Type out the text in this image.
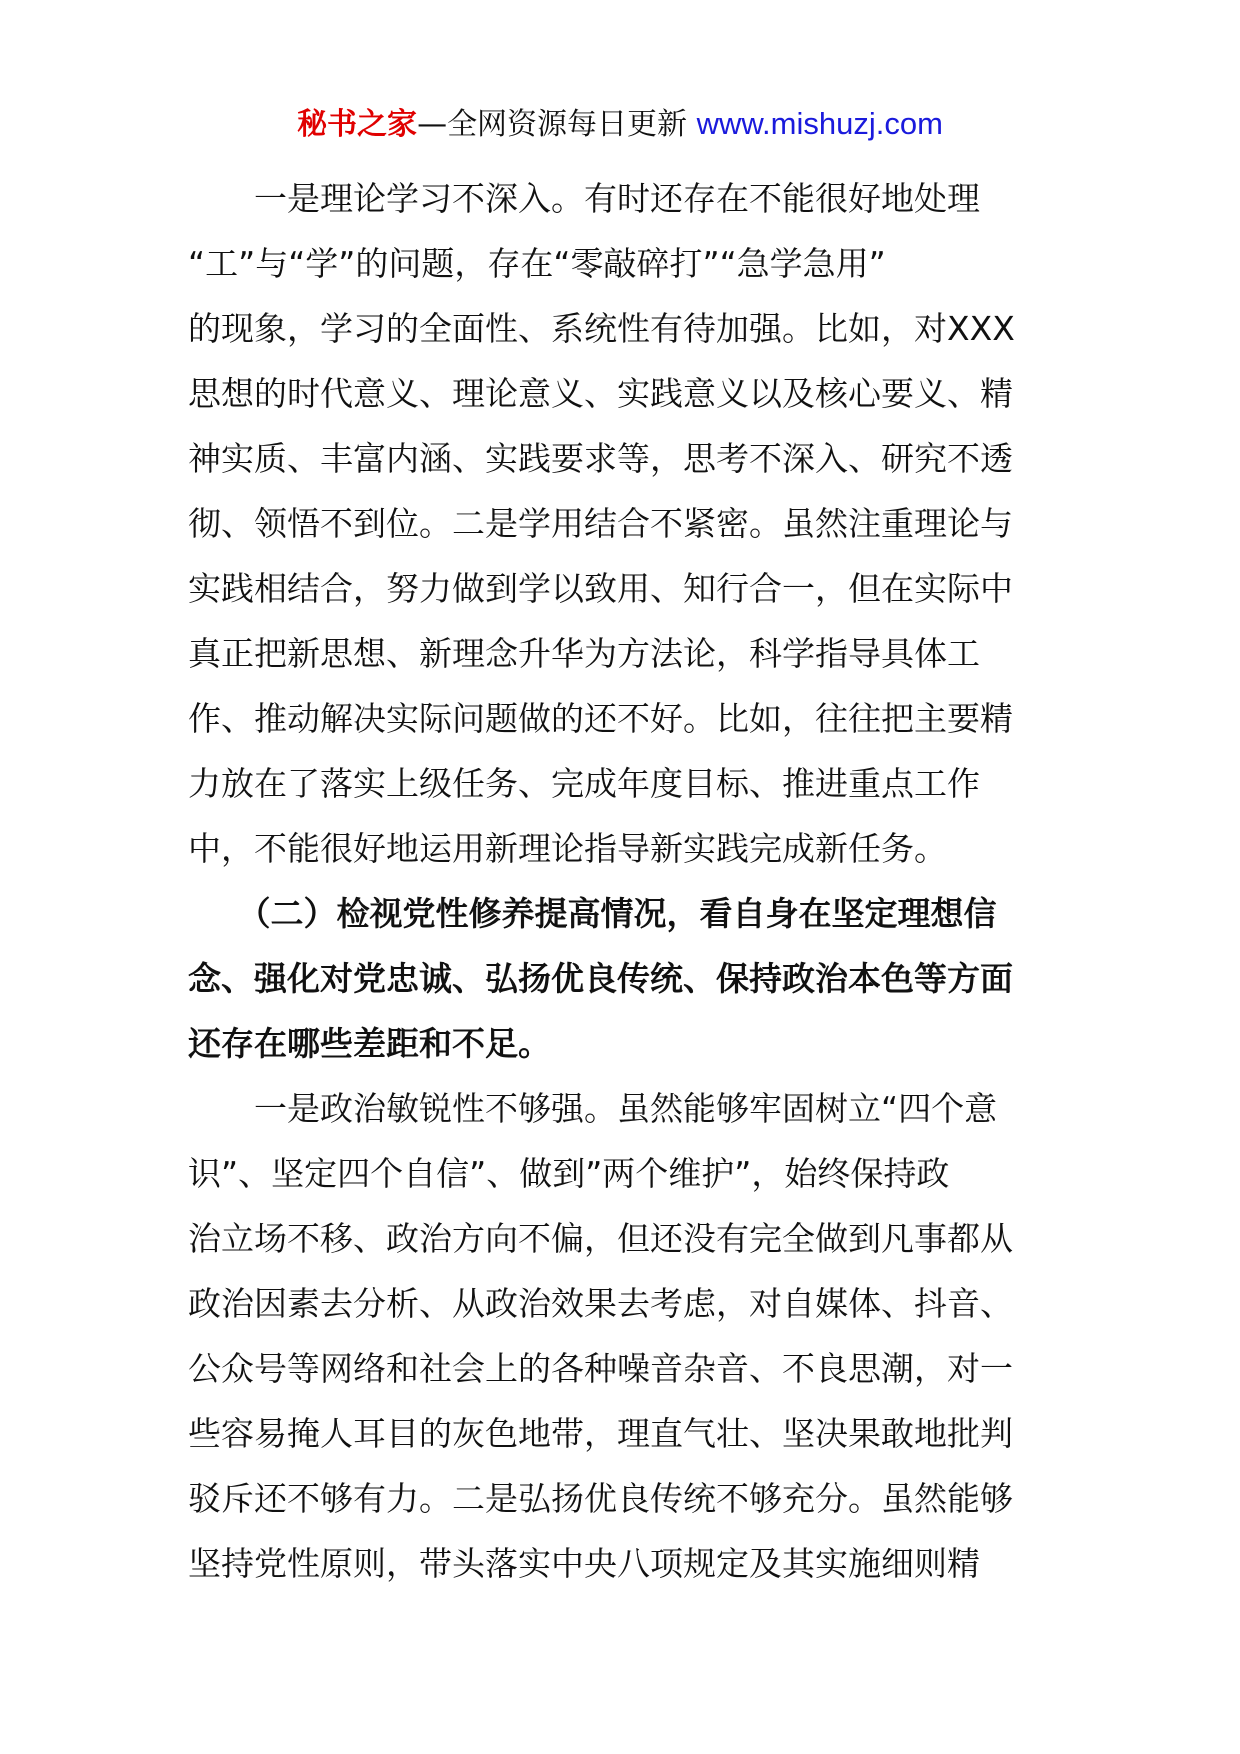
秘书之家—全网资源每日更新 www.mishuzj.com
　　一是理论学习不深入。有时还存在不能很好地处理
“工”与“学”的问题，存在“零敲碎打”“急学急用”
的现象，学习的全面性、系统性有待加强。比如，对XXX
思想的时代意义、理论意义、实践意义以及核心要义、精
神实质、丰富内涵、实践要求等，思考不深入、研究不透
彻、领悟不到位。二是学用结合不紧密。虽然注重理论与
实践相结合，努力做到学以致用、知行合一，但在实际中
真正把新思想、新理念升华为方法论，科学指导具体工
作、推动解决实际问题做的还不好。比如，往往把主要精
力放在了落实上级任务、完成年度目标、推进重点工作
中，不能很好地运用新理论指导新实践完成新任务。
　　（二）检视党性修养提高情况，看自身在坚定理想信
念、强化对党忠诚、弘扬优良传统、保持政治本色等方面
还存在哪些差距和不足。
　　一是政治敏锐性不够强。虽然能够牢固树立“四个意
识”、坚定四个自信”、做到”两个维护”，始终保持政
治立场不移、政治方向不偏，但还没有完全做到凡事都从
政治因素去分析、从政治效果去考虑，对自媒体、抖音、
公众号等网络和社会上的各种噪音杂音、不良思潮，对一
些容易掩人耳目的灰色地带，理直气壮、坚决果敢地批判
驳斥还不够有力。二是弘扬优良传统不够充分。虽然能够
坚持党性原则，带头落实中央八项规定及其实施细则精
